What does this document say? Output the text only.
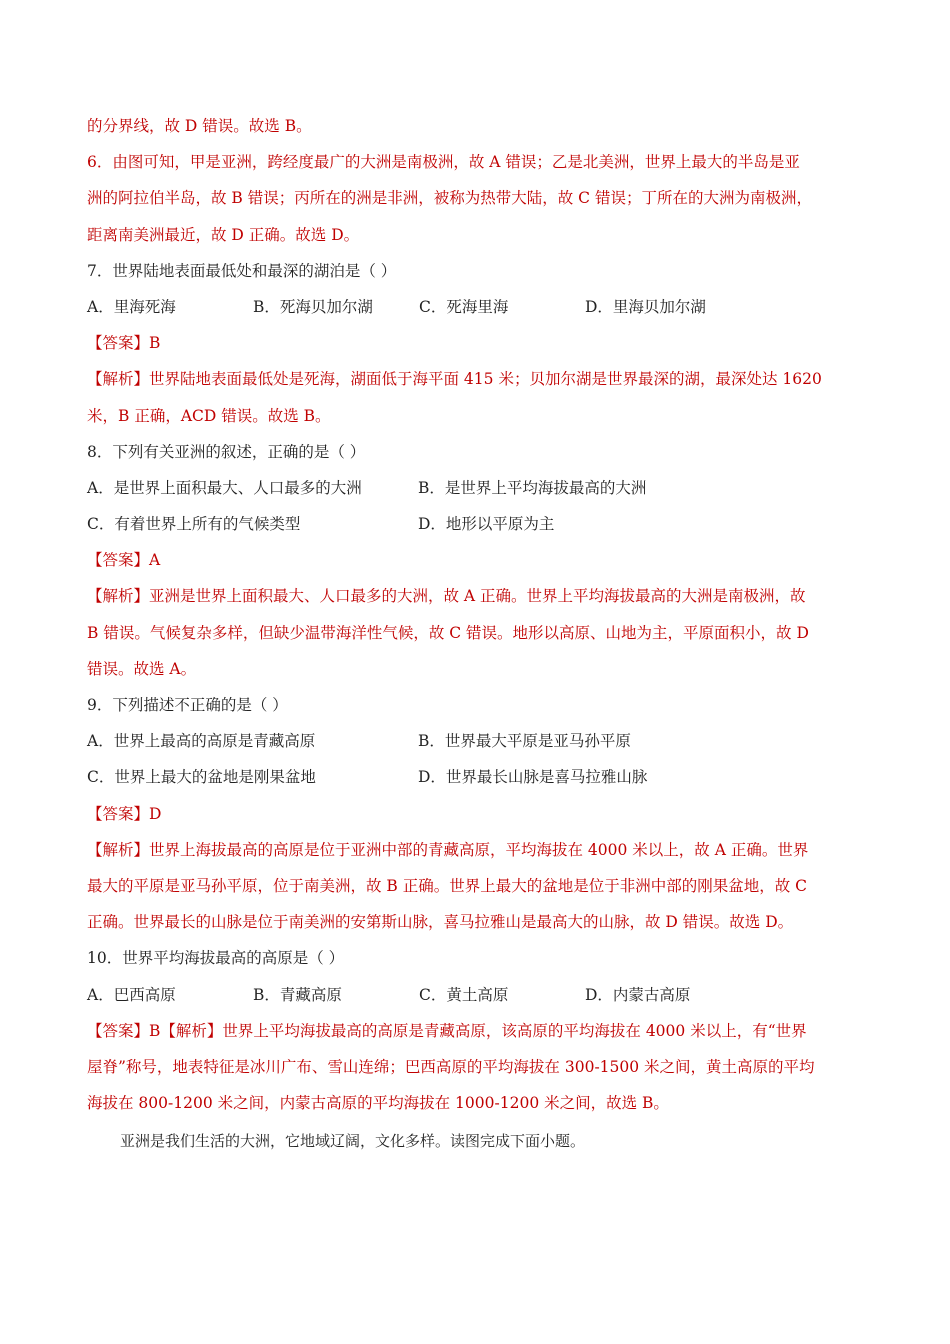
的分界线，故 D 错误。故选 B。
6．由图可知，甲是亚洲，跨经度最广的大洲是南极洲，故 A 错误；乙是北美洲，世界上最大的半岛是亚
洲的阿拉伯半岛，故 B 错误；丙所在的洲是非洲，被称为热带大陆，故 C 错误；丁所在的大洲为南极洲，
距离南美洲最近，故 D 正确。故选 D。
7．世界陆地表面最低处和最深的湖泊是（ ）
A．里海死海	B．死海贝加尔湖	C．死海里海	D．里海贝加尔湖
【答案】B
【解析】世界陆地表面最低处是死海，湖面低于海平面 415 米；贝加尔湖是世界最深的湖，最深处达 1620
米，B 正确，ACD 错误。故选 B。
8．下列有关亚洲的叙述，正确的是（ ）
A．是世界上面积最大、人口最多的大洲	B．是世界上平均海拔最高的大洲
C．有着世界上所有的气候类型	D．地形以平原为主
【答案】A
【解析】亚洲是世界上面积最大、人口最多的大洲，故 A 正确。世界上平均海拔最高的大洲是南极洲，故
B 错误。气候复杂多样，但缺少温带海洋性气候，故 C 错误。地形以高原、山地为主，平原面积小，故 D
错误。故选 A。
9．下列描述不正确的是（ ）
A．世界上最高的高原是青藏高原	B．世界最大平原是亚马孙平原
C．世界上最大的盆地是刚果盆地	D．世界最长山脉是喜马拉雅山脉
【答案】D
【解析】世界上海拔最高的高原是位于亚洲中部的青藏高原，平均海拔在 4000 米以上，故 A 正确。世界
最大的平原是亚马孙平原，位于南美洲，故 B 正确。世界上最大的盆地是位于非洲中部的刚果盆地，故 C
正确。世界最长的山脉是位于南美洲的安第斯山脉，喜马拉雅山是最高大的山脉，故 D 错误。故选 D。
10．世界平均海拔最高的高原是（ ）
A．巴西高原	B．青藏高原	C．黄土高原	D．内蒙古高原
【答案】B【解析】世界上平均海拔最高的高原是青藏高原，该高原的平均海拔在 4000 米以上，有“世界
屋脊”称号，地表特征是冰川广布、雪山连绵；巴西高原的平均海拔在 300-1500 米之间，黄土高原的平均
海拔在 800-1200 米之间，内蒙古高原的平均海拔在 1000-1200 米之间，故选 B。
亚洲是我们生活的大洲，它地域辽阔，文化多样。读图完成下面小题。
